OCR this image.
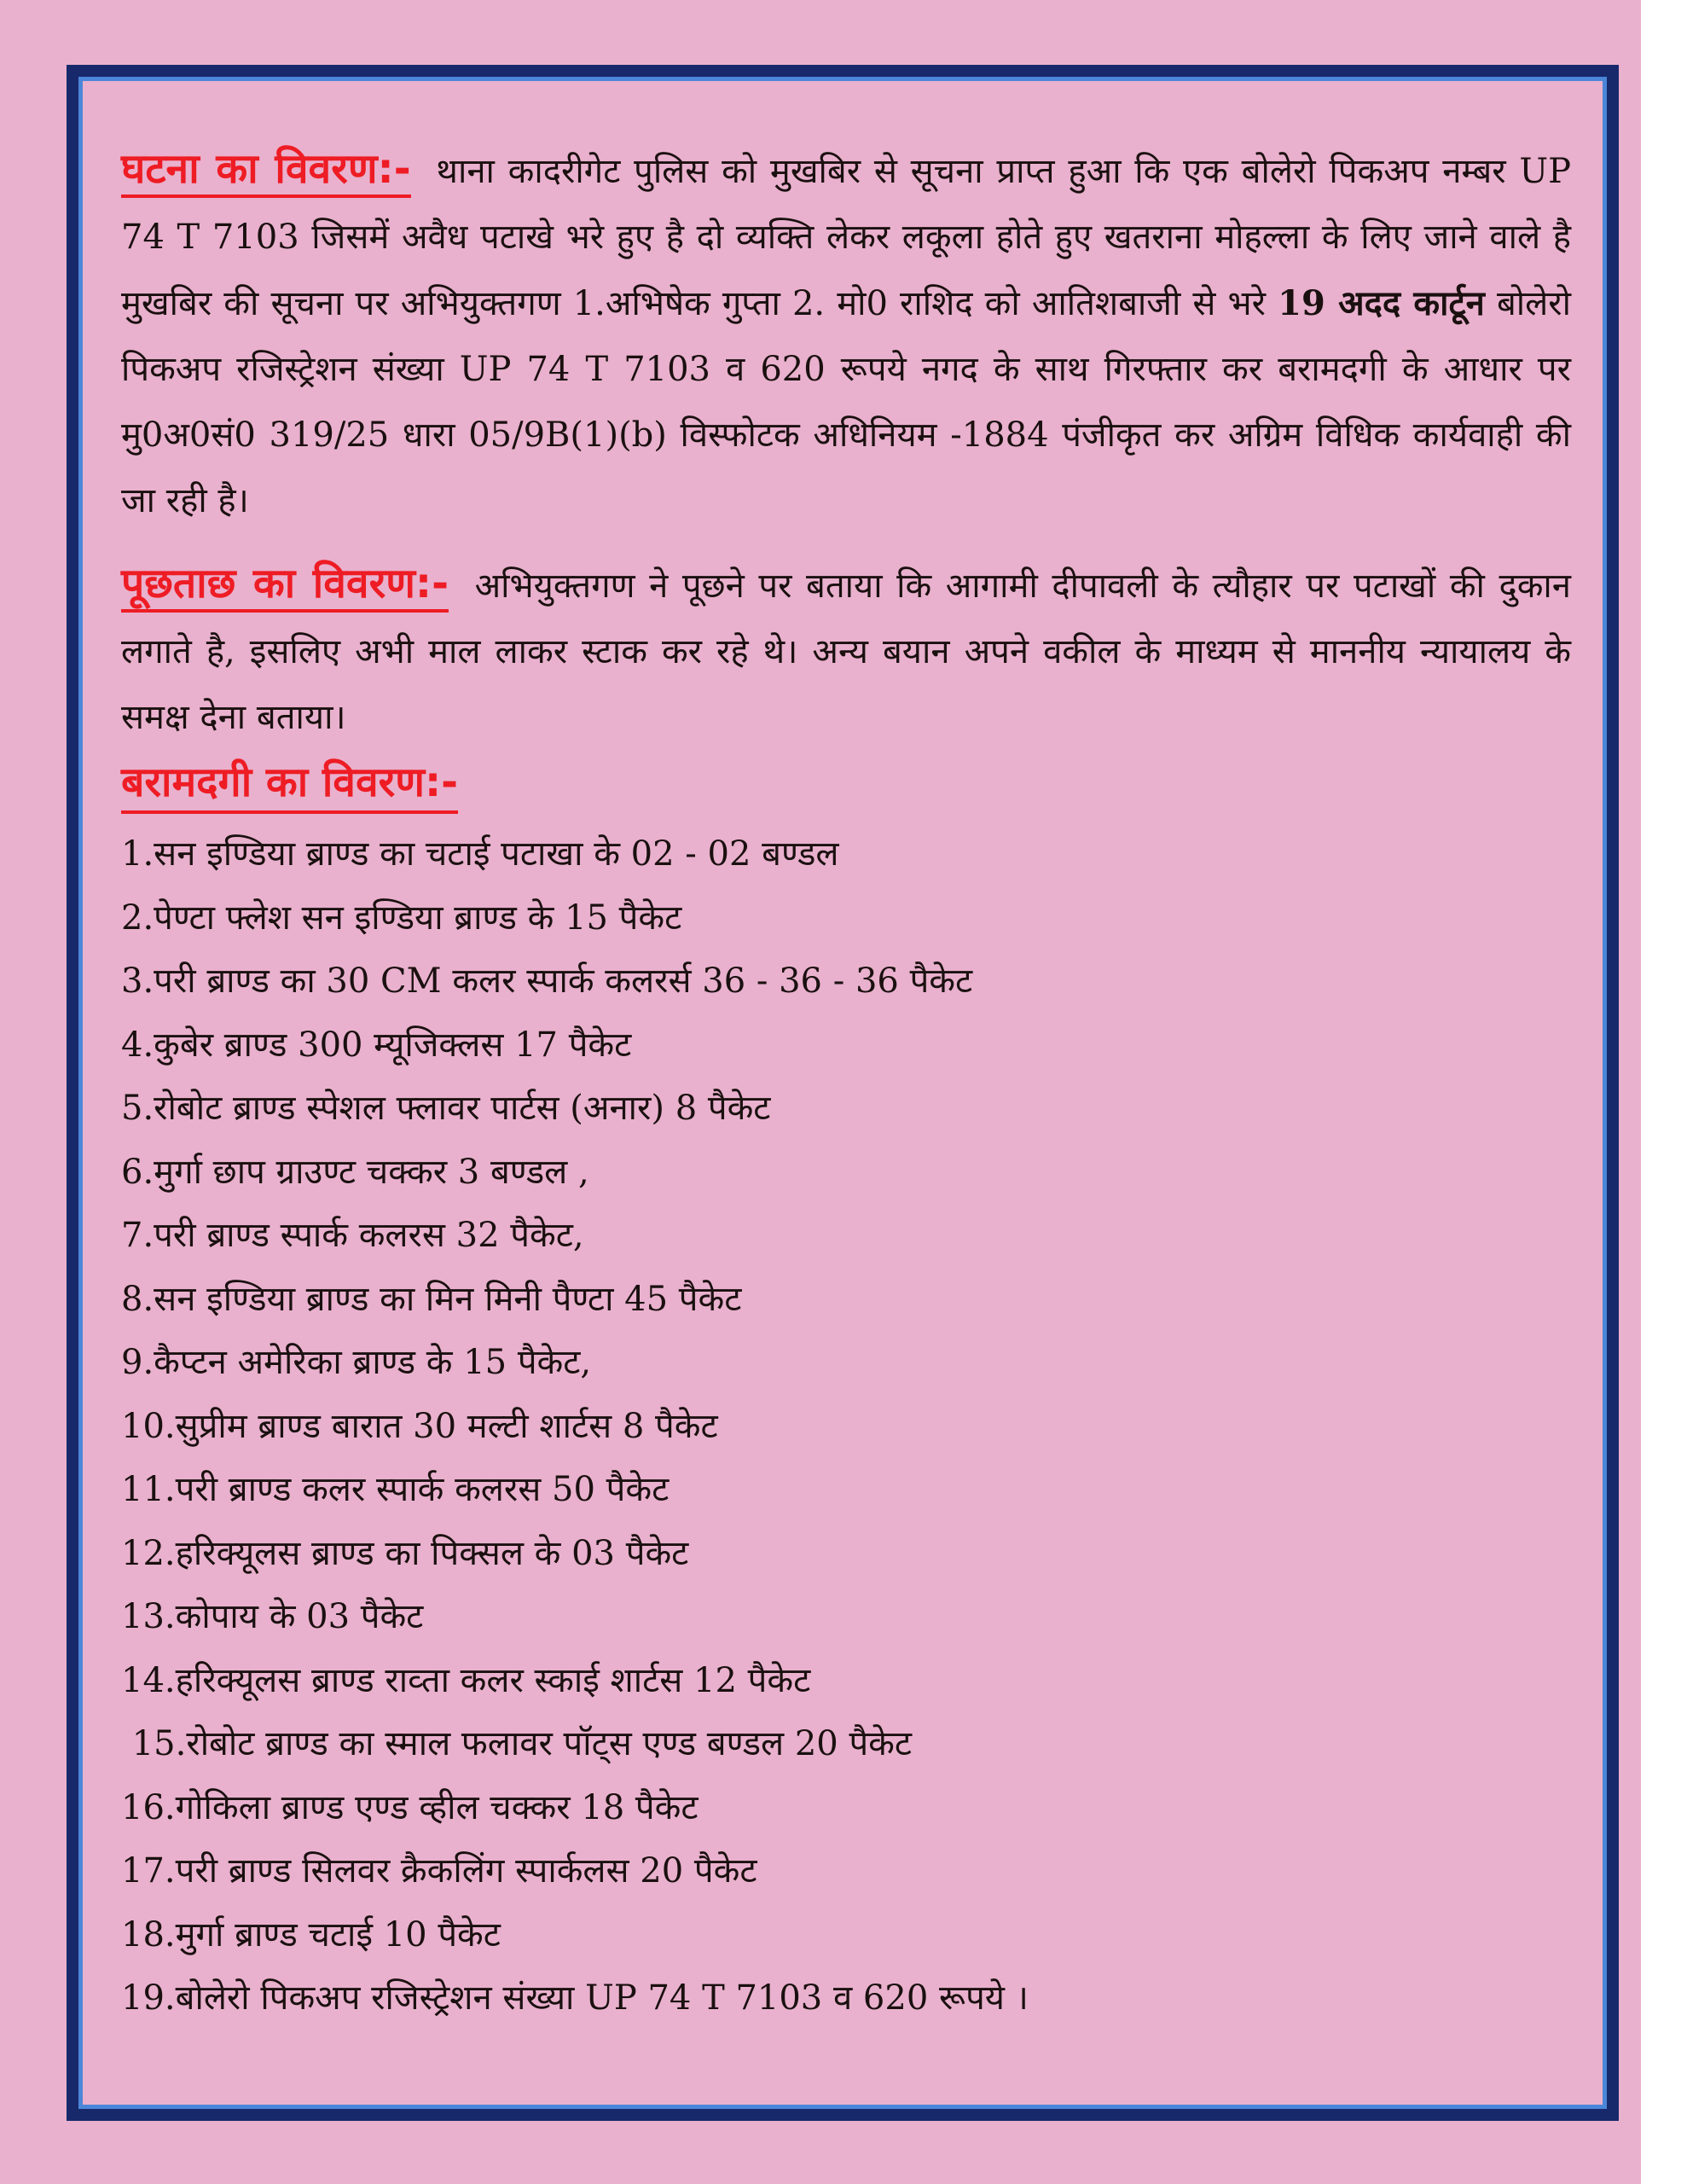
घटना का विवरण:- थाना कादरीगेट पुलिस को मुखबिर से सूचना प्राप्त हुआ कि एक बोलेरो पिकअप नम्बर UP 74 T 7103 जिसमें अवैध पटाखे भरे हुए है दो व्यक्ति लेकर लकूला होते हुए खतराना मोहल्ला के लिए जाने वाले है मुखबिर की सूचना पर अभियुक्तगण 1.अभिषेक गुप्ता 2. मो0 राशिद को आतिशबाजी से भरे 19 अदद कार्टून बोलेरो पिकअप रजिस्ट्रेशन संख्या UP 74 T 7103 व 620 रूपये नगद के साथ गिरफ्तार कर बरामदगी के आधार पर मु0अ0सं0 319/25 धारा 05/9B(1)(b) विस्फोटक अधिनियम -1884 पंजीकृत कर अग्रिम विधिक कार्यवाही की जा रही है।

पूछताछ का विवरण:- अभियुक्तगण ने पूछने पर बताया कि आगामी दीपावली के त्यौहार पर पटाखों की दुकान लगाते है, इसलिए अभी माल लाकर स्टाक कर रहे थे। अन्य बयान अपने वकील के माध्यम से माननीय न्यायालय के समक्ष देना बताया।

बरामदगी का विवरण:-
1.सन इण्डिया ब्राण्ड का चटाई पटाखा के 02 - 02 बण्डल
2.पेण्टा फ्लेश सन इण्डिया ब्राण्ड के 15 पैकेट
3.परी ब्राण्ड का 30 CM कलर स्पार्क कलरर्स 36 - 36 - 36 पैकेट
4.कुबेर ब्राण्ड 300 म्यूजिक्लस 17 पैकेट
5.रोबोट ब्राण्ड स्पेशल फ्लावर पार्टस (अनार) 8 पैकेट
6.मुर्गा छाप ग्राउण्ट चक्कर 3 बण्डल ,
7.परी ब्राण्ड स्पार्क कलरस 32 पैकेट,
8.सन इण्डिया ब्राण्ड का मिन मिनी पैण्टा 45 पैकेट
9.कैप्टन अमेरिका ब्राण्ड के 15 पैकेट,
10.सुप्रीम ब्राण्ड बारात 30 मल्टी शार्टस 8 पैकेट
11.परी ब्राण्ड कलर स्पार्क कलरस 50 पैकेट
12.हरिक्यूलस ब्राण्ड का पिक्सल के 03 पैकेट
13.कोपाय के 03 पैकेट
14.हरिक्यूलस ब्राण्ड राव्ता कलर स्काई शार्टस 12 पैकेट
15.रोबोट ब्राण्ड का स्माल फलावर पॉट्स एण्ड बण्डल 20 पैकेट
16.गोकिला ब्राण्ड एण्ड व्हील चक्कर 18 पैकेट
17.परी ब्राण्ड सिलवर क्रैकलिंग स्पार्कलस 20 पैकेट
18.मुर्गा ब्राण्ड चटाई 10 पैकेट
19.बोलेरो पिकअप रजिस्ट्रेशन संख्या UP 74 T 7103 व 620 रूपये ।
